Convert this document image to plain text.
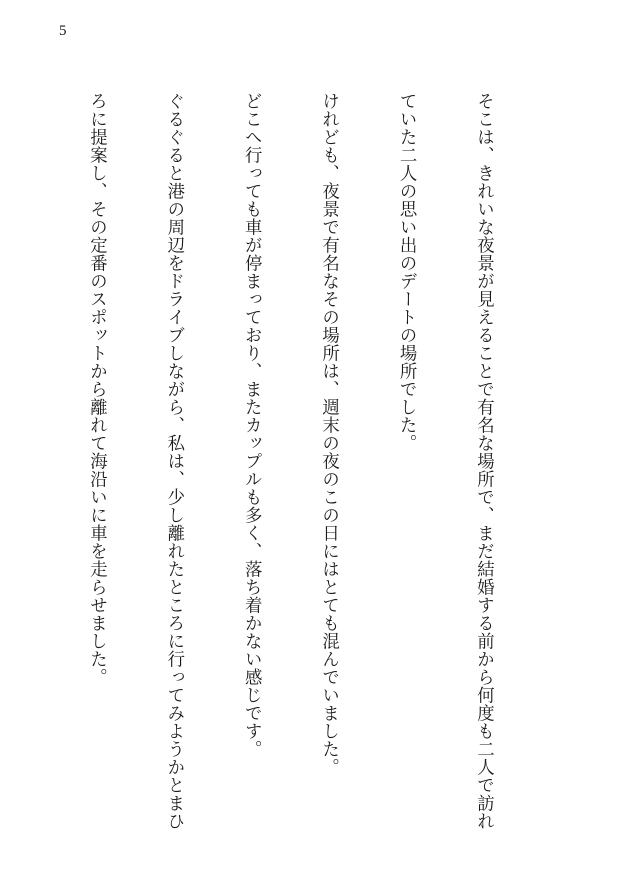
5

そこは、きれいな夜景が見えることで有名な場所で、まだ結婚する前から何度も二人で訪れ

ていた二人の思い出のデートの場所でした。

けれども、夜景で有名なその場所は、週末の夜のこの日にはとても混んでいました。

どこへ行っても車が停まっており、またカップルも多く、落ち着かない感じです。

ぐるぐると港の周辺をドライブしながら、私は、少し離れたところに行ってみようかとまひ

ろに提案し、その定番のスポットから離れて海沿いに車を走らせました。
